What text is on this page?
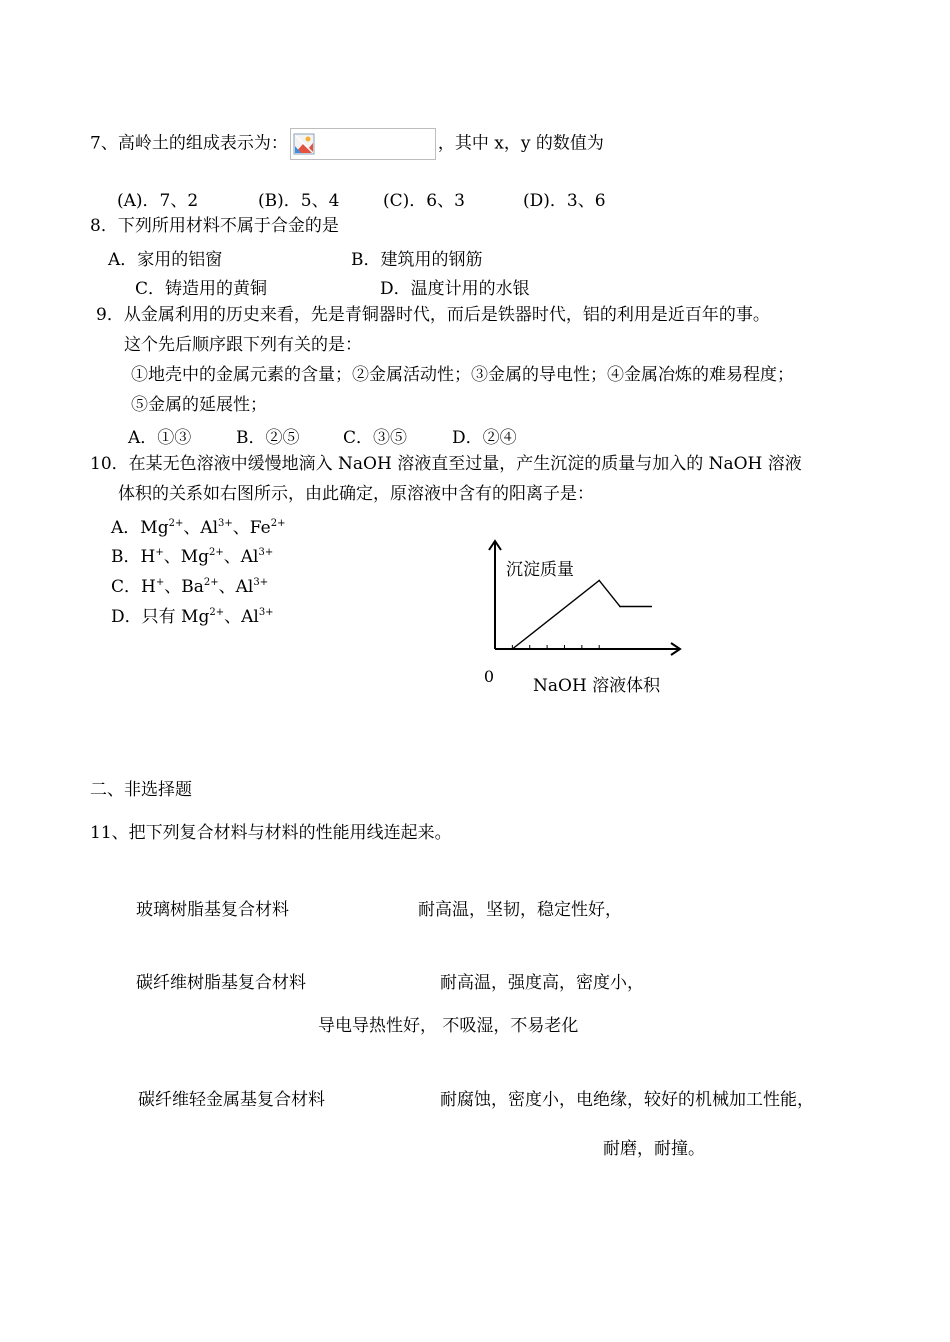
7、高岭土的组成表示为：	，其中 x，y 的数值为
(A)．7、2	(B)．5、4	(C)．6、3	(D)．3、6
8．下列所用材料不属于合金的是
A．家用的铝窗	B．建筑用的钢筋
C．铸造用的黄铜	D．温度计用的水银
9．从金属利用的历史来看，先是青铜器时代，而后是铁器时代，铝的利用是近百年的事。
这个先后顺序跟下列有关的是：
①地壳中的金属元素的含量；②金属活动性；③金属的导电性；④金属冶炼的难易程度；
⑤金属的延展性；
A．①③	B．②⑤	C．③⑤	D．②④
10．在某无色溶液中缓慢地滴入 NaOH 溶液直至过量，产生沉淀的质量与加入的 NaOH 溶液
体积的关系如右图所示，由此确定，原溶液中含有的阳离子是：
A．$Mg^{2+}$、$Al^{3+}$、$Fe^{2+}$
B．H+、$Mg^{2+}$、$Al^{3+}$
C．H+、$Ba^{2+}$、$Al^{3+}$
D．只有 $Mg^{2+}$、$Al^{3+}$
沉淀质量
0 NaOH 溶液体积
二、非选择题
11、把下列复合材料与材料的性能用线连起来。
玻璃树脂基复合材料	耐高温，坚韧，稳定性好，
碳纤维树脂基复合材料	耐高温，强度高，密度小，
导电导热性好， 不吸湿，不易老化
碳纤维轻金属基复合材料	耐腐蚀，密度小，电绝缘，较好的机械加工性能，
耐磨，耐撞。
